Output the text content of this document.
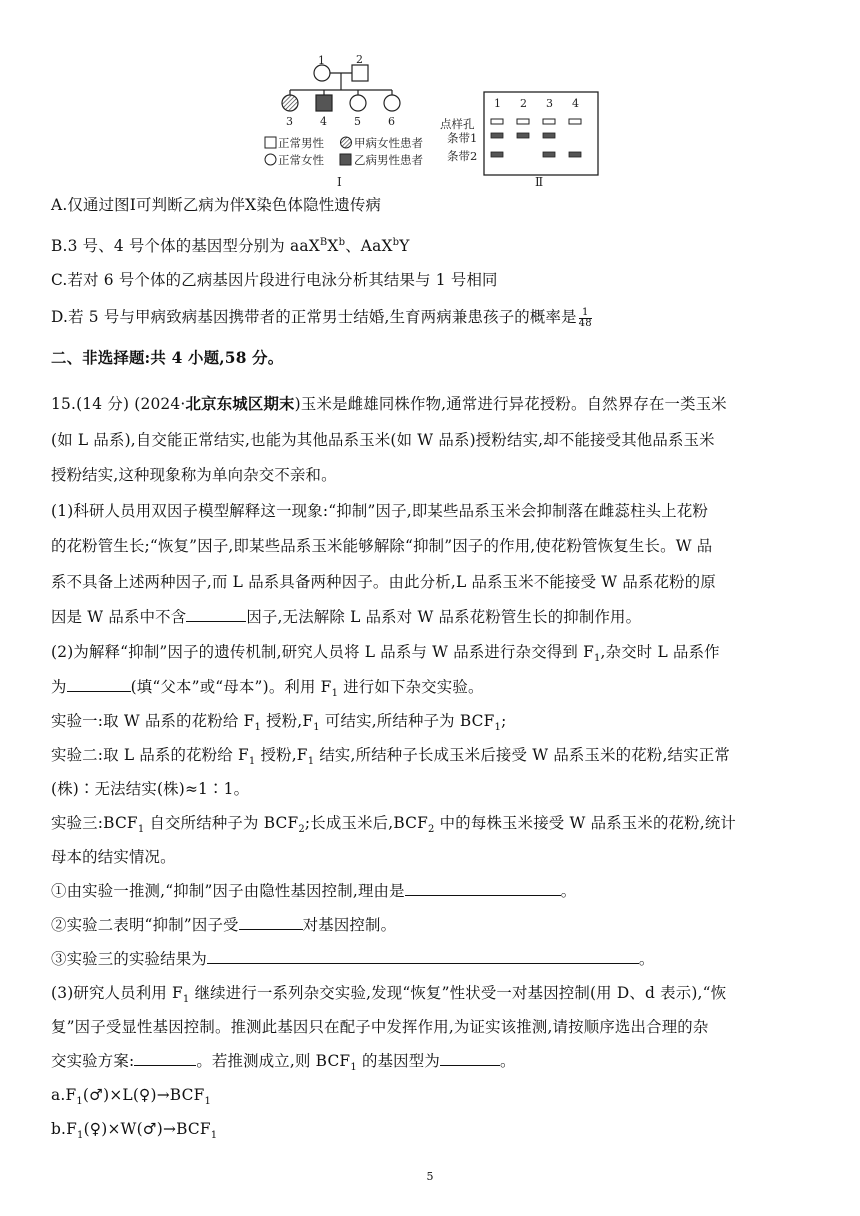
1	2
3 4 5 6
正常男性	甲病女性患者
正常女性	乙病男性患者
Ⅰ
1 2 3 4
点样孔
条带1
条带2
Ⅱ
A.仅通过图Ⅰ可判断乙病为伴X染色体隐性遗传病
B.3 号、4 号个体的基因型分别为 $aaX^BX^b$、AaX$^b$Y
C.若对 6 号个体的乙病基因片段进行电泳分析其结果与 1 号相同
D.若 5 号与甲病致病基因携带者的正常男士结婚,生育两病兼患孩子的概率是 $\frac{1}{48}$
二、非选择题:共 4 小题,58 分。
15.(14 分) (2024·北京东城区期末)玉米是雌雄同株作物,通常进行异花授粉。自然界存在一类玉米
(如 L 品系),自交能正常结实,也能为其他品系玉米(如 W 品系)授粉结实,却不能接受其他品系玉米
授粉结实,这种现象称为单向杂交不亲和。
(1)科研人员用双因子模型解释这一现象:“抑制”因子,即某些品系玉米会抑制落在雌蕊柱头上花粉
的花粉管生长;“恢复”因子,即某些品系玉米能够解除“抑制”因子的作用,使花粉管恢复生长。W 品
系不具备上述两种因子,而 L 品系具备两种因子。由此分析,L 品系玉米不能接受 W 品系花粉的原
因是 W 品系中不含	因子,无法解除 L 品系对 W 品系花粉管生长的抑制作用。
(2)为解释“抑制”因子的遗传机制,研究人员将 L 品系与 W 品系进行杂交得到 $F_1$,杂交时 L 品系作
为	(填“父本”或“母本”)。利用 $F_1$ 进行如下杂交实验。
实验一:取 W 品系的花粉给 $F_1$ 授粉$,F_1$ 可结实,所结种子为 $BCF_1$;
实验二:取 L 品系的花粉给 $F_1$ 授粉$,F_1$ 结实,所结种子长成玉米后接受 W 品系玉米的花粉,结实正常
(株)∶无法结实(株)≈1∶1。
实验三$:BCF_1$ 自交所结种子为 $BCF_2$;长成玉米后$,BCF_2$ 中的每株玉米接受 W 品系玉米的花粉,统计
母本的结实情况。
①由实验一推测,“抑制”因子由隐性基因控制,理由是	。
②实验二表明“抑制”因子受	对基因控制。
③实验三的实验结果为	。
(3)研究人员利用 $F_1$ 继续进行一系列杂交实验,发现“恢复”性状受一对基因控制(用 D、d 表示),“恢
复”因子受显性基因控制。推测此基因只在配子中发挥作用,为证实该推测,请按顺序选出合理的杂
交实验方案:	。若推测成立,则 $BCF_1$ 的基因型为	。
$a.F_1(♂)\times L(♀)\to BCF_1$
$b.F_1(♀)\times W(♂)\to BCF_1$
5
